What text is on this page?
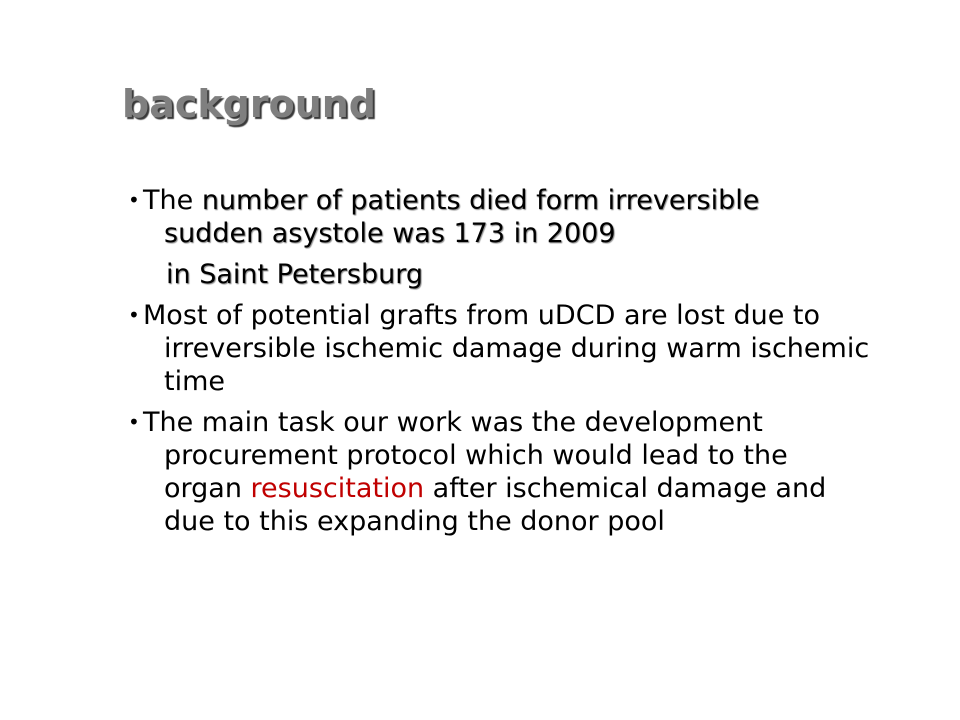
background
• The number of patients died form irreversible
sudden asystole was 173 in 2009
in Saint Petersburg
• Most of potential grafts from uDCD are lost due to
irreversible ischemic damage during warm ischemic
time
• The main task our work was the development
procurement protocol which would lead to the
organ resuscitation after ischemical damage and
due to this expanding the donor pool
